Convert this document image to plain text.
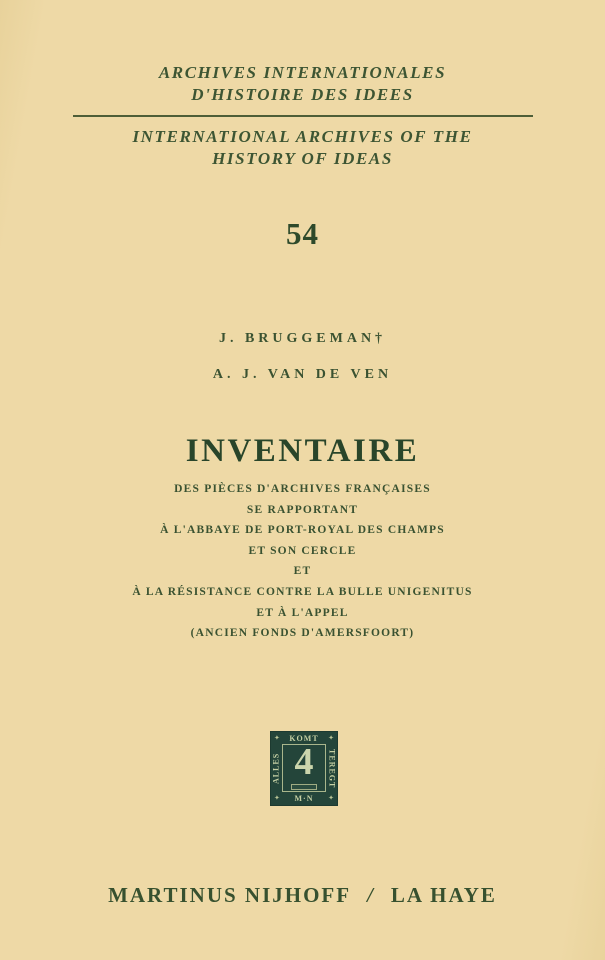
ARCHIVES INTERNATIONALES
D'HISTOIRE DES IDEES
INTERNATIONAL ARCHIVES OF THE
HISTORY OF IDEAS
54
J. BRUGGEMAN†
A. J. VAN DE VEN
INVENTAIRE
DES PIÈCES D'ARCHIVES FRANÇAISES
SE RAPPORTANT
À L'ABBAYE DE PORT-ROYAL DES CHAMPS
ET SON CERCLE
ET
À LA RÉSISTANCE CONTRE LA BULLE UNIGENITUS
ET À L'APPEL
(ANCIEN FONDS D'AMERSFOORT)
✦	✦
✦	✦
KOMT
ALLES	TEREGT
M·N
4
MARTINUS NIJHOFF / LA HAYE
